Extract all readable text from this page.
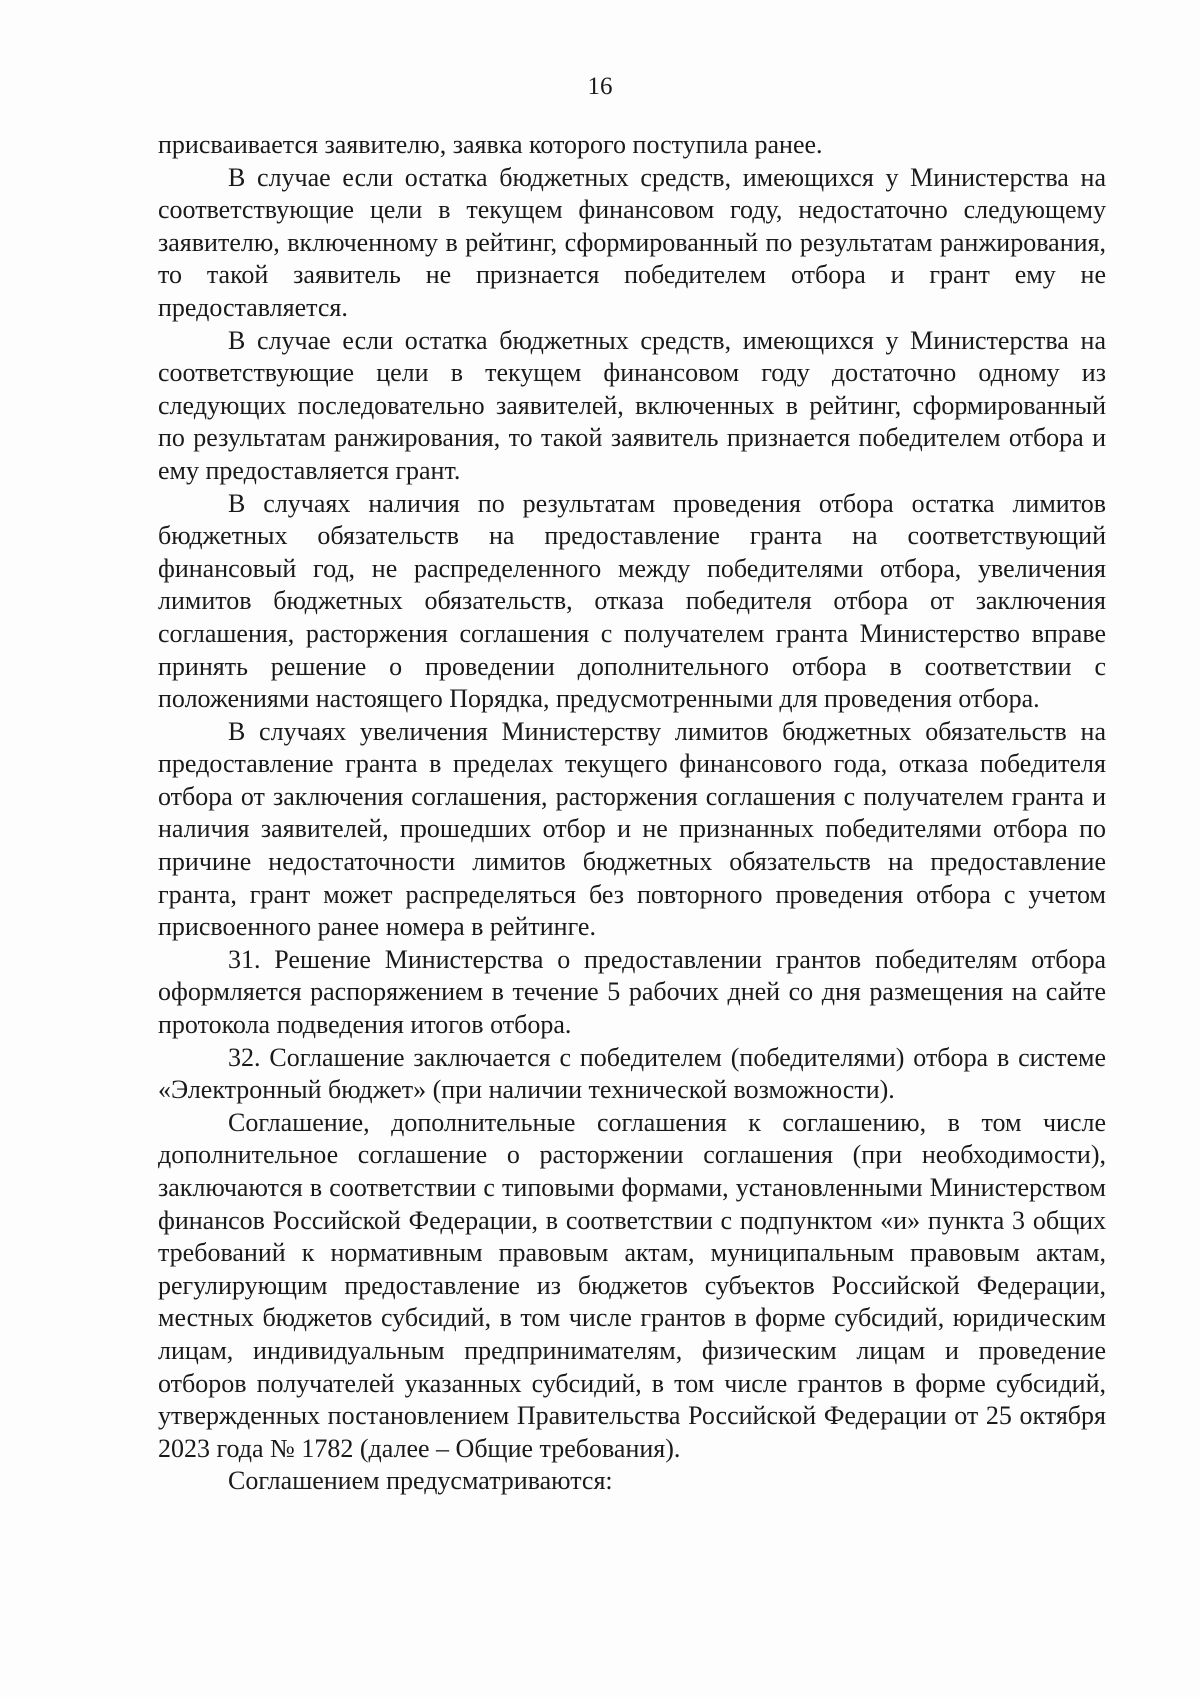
16

присваивается заявителю, заявка которого поступила ранее.

В случае если остатка бюджетных средств, имеющихся у Министерства на соответствующие цели в текущем финансовом году, недостаточно следующему заявителю, включенному в рейтинг, сформированный по результатам ранжирования, то такой заявитель не признается победителем отбора и грант ему не предоставляется.

В случае если остатка бюджетных средств, имеющихся у Министерства на соответствующие цели в текущем финансовом году достаточно одному из следующих последовательно заявителей, включенных в рейтинг, сформированный по результатам ранжирования, то такой заявитель признается победителем отбора и ему предоставляется грант.

В случаях наличия по результатам проведения отбора остатка лимитов бюджетных обязательств на предоставление гранта на соответствующий финансовый год, не распределенного между победителями отбора, увеличения лимитов бюджетных обязательств, отказа победителя отбора от заключения соглашения, расторжения соглашения с получателем гранта Министерство вправе принять решение о проведении дополнительного отбора в соответствии с положениями настоящего Порядка, предусмотренными для проведения отбора.

В случаях увеличения Министерству лимитов бюджетных обязательств на предоставление гранта в пределах текущего финансового года, отказа победителя отбора от заключения соглашения, расторжения соглашения с получателем гранта и наличия заявителей, прошедших отбор и не признанных победителями отбора по причине недостаточности лимитов бюджетных обязательств на предоставление гранта, грант может распределяться без повторного проведения отбора с учетом присвоенного ранее номера в рейтинге.

31. Решение Министерства о предоставлении грантов победителям отбора оформляется распоряжением в течение 5 рабочих дней со дня размещения на сайте протокола подведения итогов отбора.

32. Соглашение заключается с победителем (победителями) отбора в системе «Электронный бюджет» (при наличии технической возможности).

Соглашение, дополнительные соглашения к соглашению, в том числе дополнительное соглашение о расторжении соглашения (при необходимости), заключаются в соответствии с типовыми формами, установленными Министерством финансов Российской Федерации, в соответствии с подпунктом «и» пункта 3 общих требований к нормативным правовым актам, муниципальным правовым актам, регулирующим предоставление из бюджетов субъектов Российской Федерации, местных бюджетов субсидий, в том числе грантов в форме субсидий, юридическим лицам, индивидуальным предпринимателям, физическим лицам и проведение отборов получателей указанных субсидий, в том числе грантов в форме субсидий, утвержденных постановлением Правительства Российской Федерации от 25 октября 2023 года № 1782 (далее – Общие требования).

Соглашением предусматриваются:
